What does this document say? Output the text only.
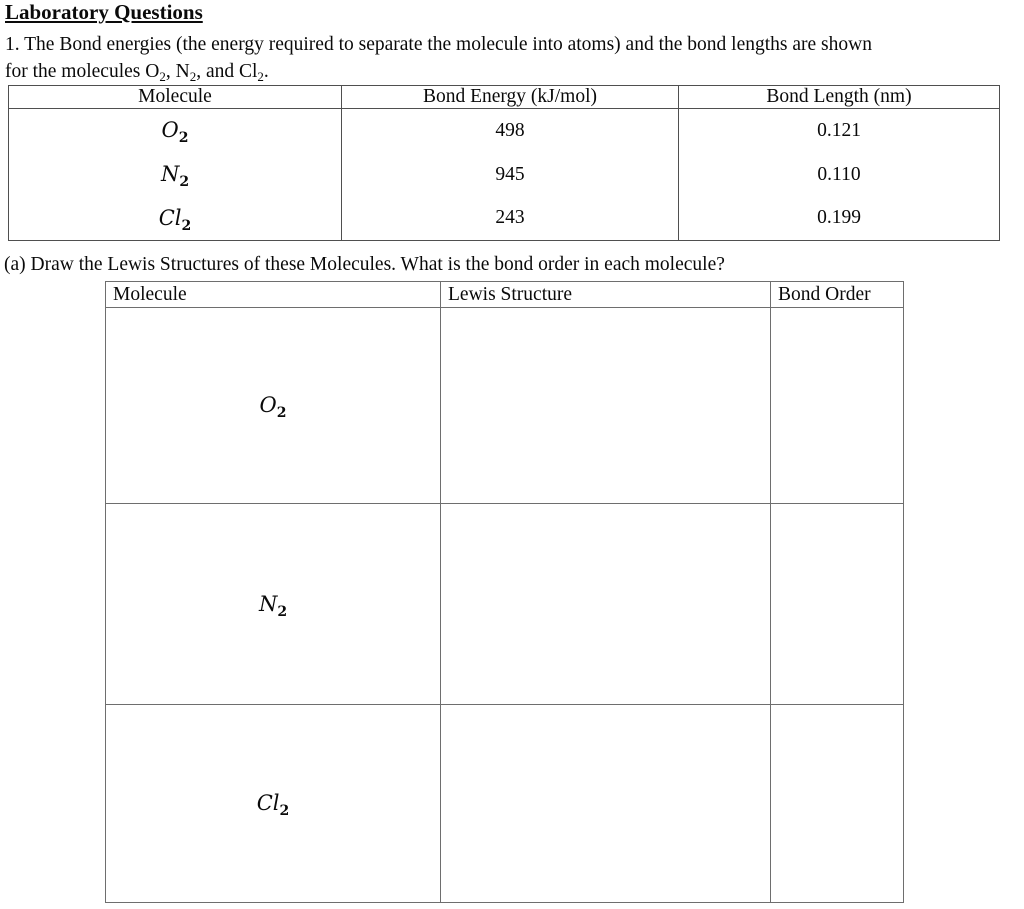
Laboratory Questions
1. The Bond energies (the energy required to separate the molecule into atoms) and the bond lengths are shown
for the molecules $O_2$, $N_2$, and $Cl_2$.
Molecule	Bond Energy (kJ/mol)	Bond Length (nm)
$O_2$	498	0.121
$N_2$	945	0.110
$Cl_2$	243	0.199
(a) Draw the Lewis Structures of these Molecules. What is the bond order in each molecule?
Molecule	Lewis Structure	Bond Order
$O_2$		
$N_2$		
$Cl_2$		
